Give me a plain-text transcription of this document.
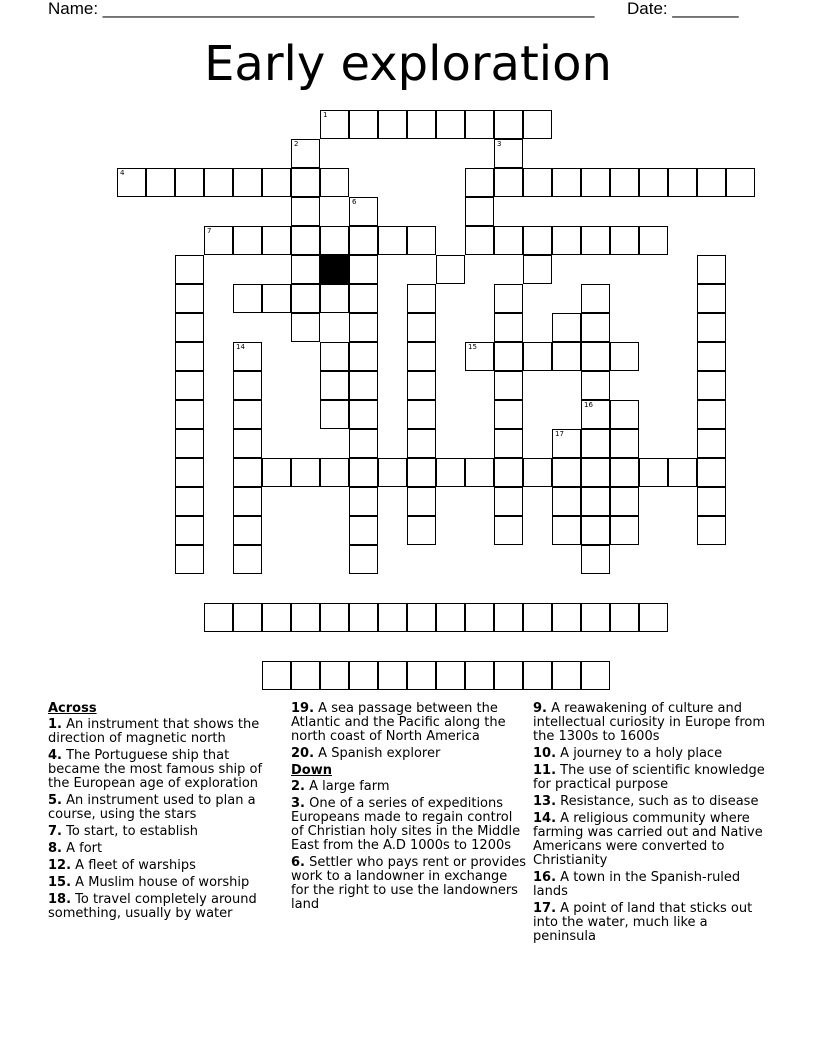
Name: ____________________________________________________ Date: _______
Early exploration
1
2	3
4
6
7
14	15
16
17
Across
1. An instrument that shows the direction of magnetic north
4. The Portuguese ship that became the most famous ship of the European age of exploration
5. An instrument used to plan a course, using the stars
7. To start, to establish
8. A fort
12. A fleet of warships
15. A Muslim house of worship
18. To travel completely around something, usually by water
19. A sea passage between the Atlantic and the Pacific along the north coast of North America
20. A Spanish explorer
Down
2. A large farm
3. One of a series of expeditions Europeans made to regain control of Christian holy sites in the Middle East from the A.D 1000s to 1200s
6. Settler who pays rent or provides work to a landowner in exchange for the right to use the landowners land
9. A reawakening of culture and intellectual curiosity in Europe from the 1300s to 1600s
10. A journey to a holy place
11. The use of scientific knowledge for practical purpose
13. Resistance, such as to disease
14. A religious community where farming was carried out and Native Americans were converted to Christianity
16. A town in the Spanish-ruled lands
17. A point of land that sticks out into the water, much like a peninsula
